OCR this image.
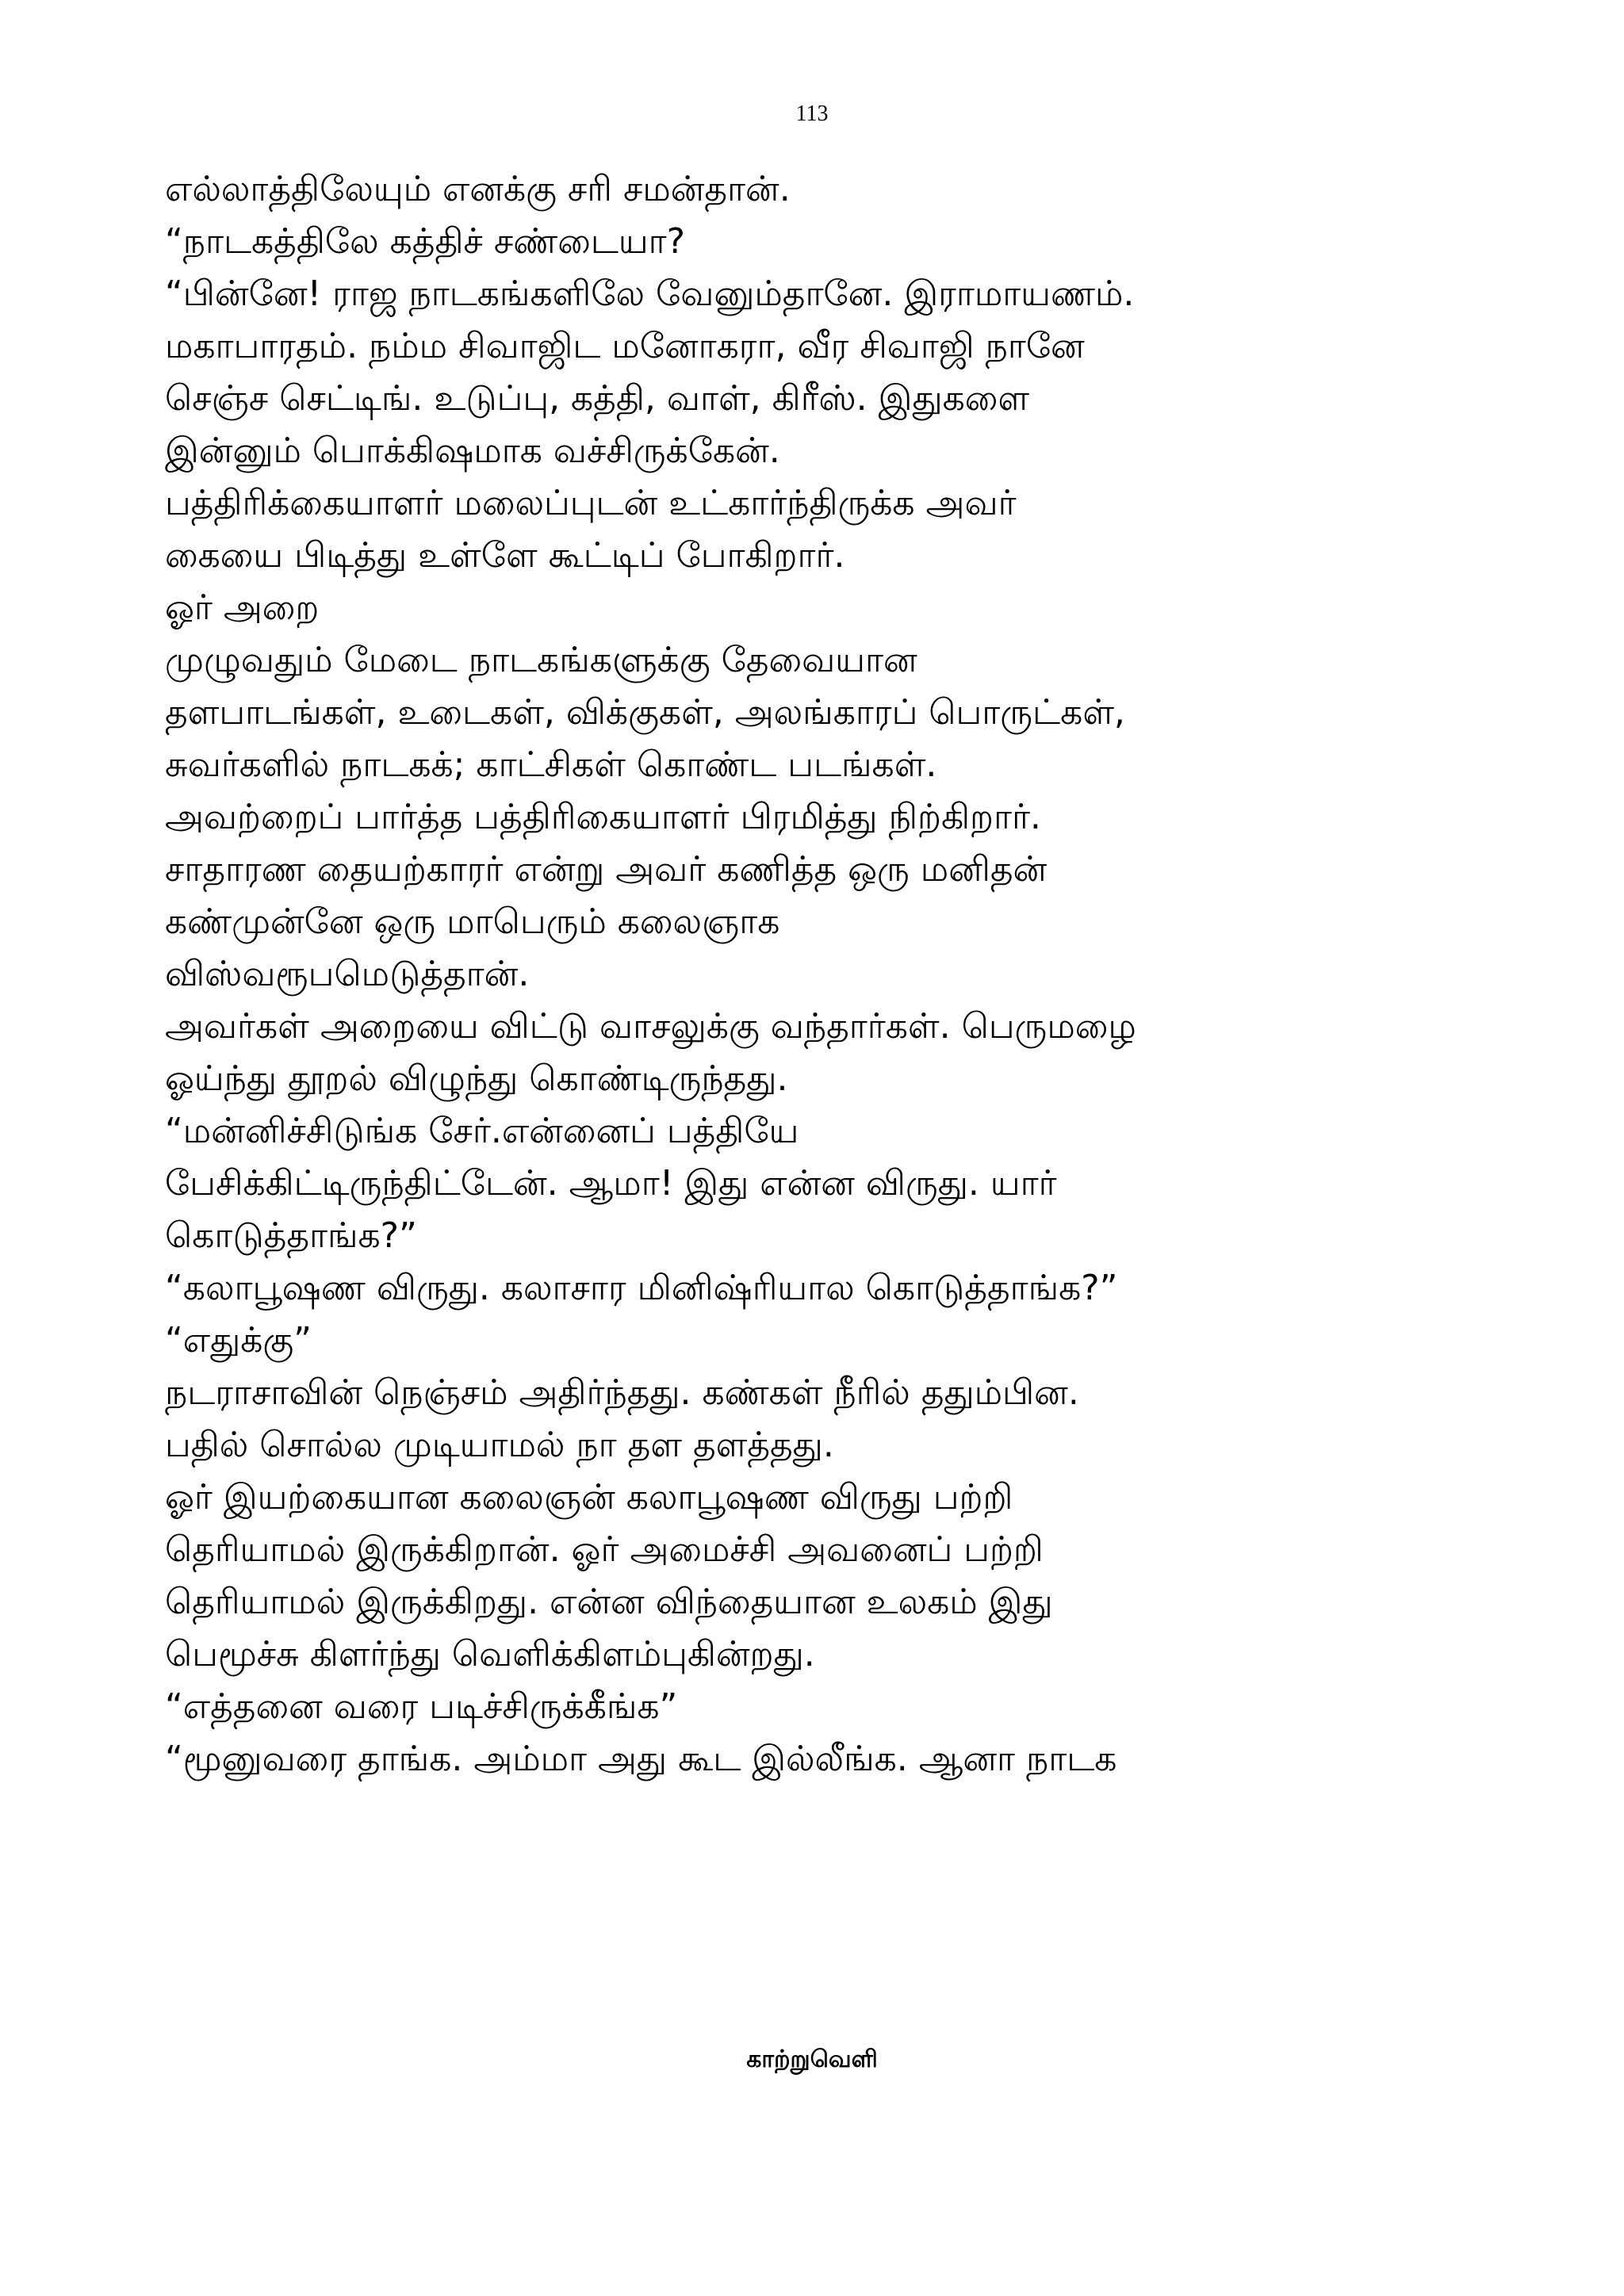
113
எல்லாத்திலேயும் எனக்கு சரி சமன்தான்.
“நாடகத்திலே கத்திச் சண்டையா?
“பின்னே! ராஜ நாடகங்களிலே வேனும்தானே. இராமாயணம்.
மகாபாரதம். நம்ம சிவாஜிட மனோகரா, வீர சிவாஜி நானே
செஞ்ச செட்டிங். உடுப்பு, கத்தி, வாள், கிரீஸ். இதுகளை
இன்னும் பொக்கிஷமாக வச்சிருக்கேன்.
பத்திரிக்கையாளர் மலைப்புடன் உட்கார்ந்திருக்க அவர்
கையை பிடித்து உள்ளே கூட்டிப் போகிறார்.
ஓர் அறை
முழுவதும் மேடை நாடகங்களுக்கு தேவையான
தளபாடங்கள், உடைகள், விக்குகள், அலங்காரப் பொருட்கள்,
சுவர்களில் நாடகக்; காட்சிகள் கொண்ட படங்கள்.
அவற்றைப் பார்த்த பத்திரிகையாளர் பிரமித்து நிற்கிறார்.
சாதாரண தையற்காரர் என்று அவர் கணித்த ஒரு மனிதன்
கண்முன்னே ஒரு மாபெரும் கலைஞாக
விஸ்வரூபமெடுத்தான்.
அவர்கள் அறையை விட்டு வாசலுக்கு வந்தார்கள். பெருமழை
ஓய்ந்து தூறல் விழுந்து கொண்டிருந்தது.
“மன்னிச்சிடுங்க சேர்.என்னைப் பத்தியே
பேசிக்கிட்டிருந்திட்டேன். ஆமா! இது என்ன விருது. யார்
கொடுத்தாங்க?”
“கலாபூஷண விருது. கலாசார மினிஷ்ரியால கொடுத்தாங்க?”
“எதுக்கு”
நடராசாவின் நெஞ்சம் அதிர்ந்தது. கண்கள் நீரில் ததும்பின.
பதில் சொல்ல முடியாமல் நா தள தளத்தது.
ஓர் இயற்கையான கலைஞன் கலாபூஷண விருது பற்றி
தெரியாமல் இருக்கிறான். ஓர் அமைச்சி அவனைப் பற்றி
தெரியாமல் இருக்கிறது. என்ன விந்தையான உலகம் இது
பெமூச்சு கிளர்ந்து வெளிக்கிளம்புகின்றது.
“எத்தனை வரை படிச்சிருக்கீங்க”
“மூனுவரை தாங்க. அம்மா அது கூட இல்லீங்க. ஆனா நாடக
காற்றுவெளி
